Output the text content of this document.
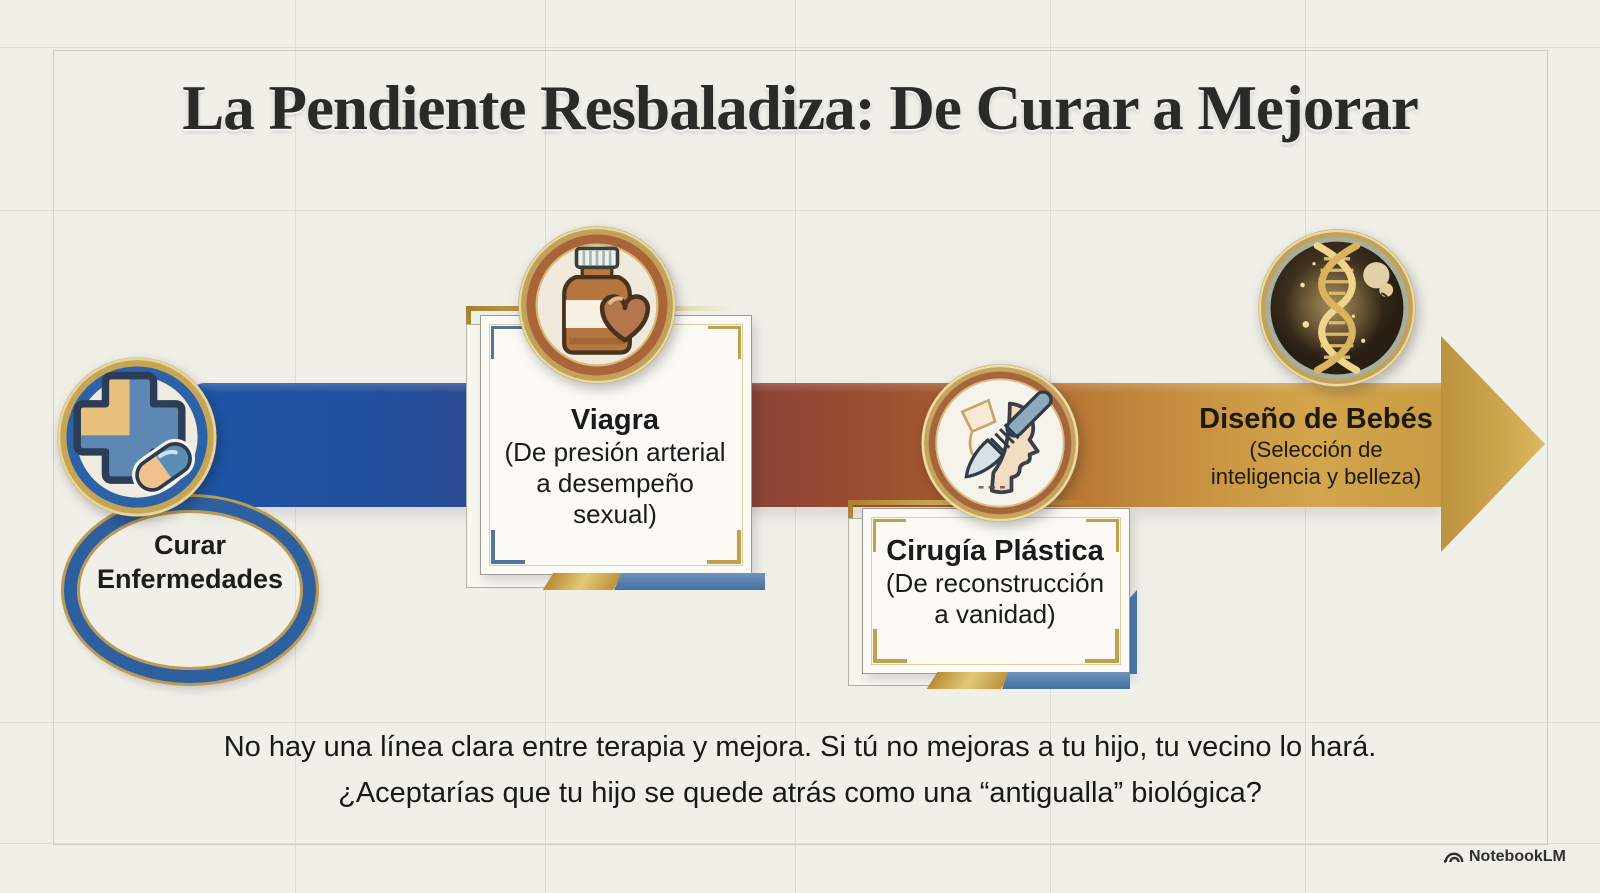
La Pendiente Resbaladiza: De Curar a Mejorar
Curar
Enfermedades
Viagra
(De presión arterial
a desempeño
sexual)
Cirugía Plástica
(De reconstrucción
a vanidad)
Diseño de Bebés
(Selección de
inteligencia y belleza)
No hay una línea clara entre terapia y mejora. Si tú no mejoras a tu hijo, tu vecino lo hará.
¿Aceptarías que tu hijo se quede atrás como una “antigualla” biológica?
NotebookLM
